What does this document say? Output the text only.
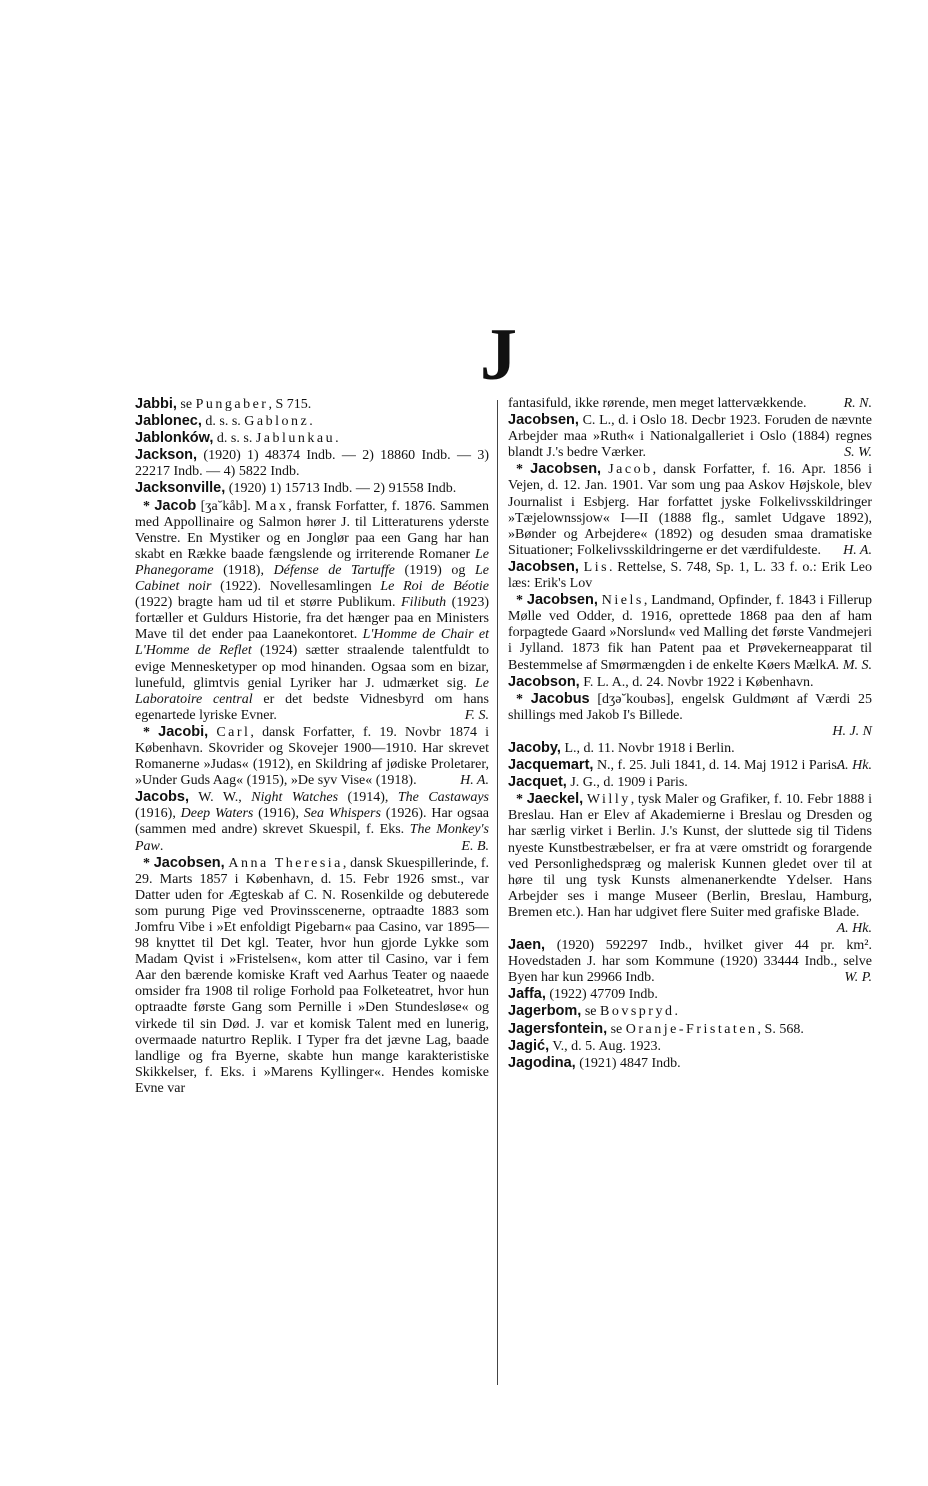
J

Jabbi, se Pungaber, S 715.

Jablonec, d. s. s. Gablonz.

Jablonków, d. s. s. Jablunkau.

Jackson, (1920) 1) 48374 Indb. — 2) 18860 Indb. — 3) 22217 Indb. — 4) 5822 Indb.

Jacksonville, (1920) 1) 15713 Indb. — 2) 91558 Indb.

* Jacob [ʒa˘kåb]. Max, fransk Forfatter, f. 1876. Sammen med Appollinaire og Salmon hører J. til Litteraturens yderste Venstre. En Mystiker og en Jonglør paa een Gang har han skabt en Række baade fængslende og irriterende Romaner Le Phanegorame (1918), Défense de Tartuffe (1919) og Le Cabinet noir (1922). Novellesamlingen Le Roi de Béotie (1922) bragte ham ud til et større Publikum. Filibuth (1923) fortæller et Guldurs Historie, fra det hænger paa en Ministers Mave til det ender paa Laanekontoret. L'Homme de Chair et L'Homme de Reflet (1924) sætter straalende talentfuldt to evige Mennesketyper op mod hinanden. Ogsaa som en bizar, lunefuld, glimtvis genial Lyriker har J. udmærket sig. Le Laboratoire central er det bedste Vidnesbyrd om hans egenartede lyriske Evner.	F. S.

* Jacobi, Carl, dansk Forfatter, f. 19. Novbr 1874 i København. Skovrider og Skovejer 1900—1910. Har skrevet Romanerne »Judas« (1912), en Skildring af jødiske Proletarer, »Under Guds Aag« (1915), »De syv Vise« (1918).	H. A.

Jacobs, W. W., Night Watches (1914), The Castaways (1916), Deep Waters (1916), Sea Whispers (1926). Har ogsaa (sammen med andre) skrevet Skuespil, f. Eks. The Monkey's Paw.	E. B.

* Jacobsen, Anna Theresia, dansk Skuespillerinde, f. 29. Marts 1857 i København, d. 15. Febr 1926 smst., var Datter uden for Ægteskab af C. N. Rosenkilde og debuterede som purung Pige ved Provinsscenerne, optraadte 1883 som Jomfru Vibe i »Et enfoldigt Pigebarn« paa Casino, var 1895—98 knyttet til Det kgl. Teater, hvor hun gjorde Lykke som Madam Qvist i »Fristelsen«, kom atter til Casino, var i fem Aar den bærende komiske Kraft ved Aarhus Teater og naaede omsider fra 1908 til rolige Forhold paa Folketeatret, hvor hun optraadte første Gang som Pernille i »Den Stundesløse« og virkede til sin Død. J. var et komisk Talent med en lunerig, overmaade naturtro Replik. I Typer fra det jævne Lag, baade landlige og fra Byerne, skabte hun mange karakteristiske Skikkelser, f. Eks. i »Marens Kyllinger«. Hendes komiske Evne var

fantasifuld, ikke rørende, men meget lattervækkende.	R. N.

Jacobsen, C. L., d. i Oslo 18. Decbr 1923. Foruden de nævnte Arbejder maa »Ruth« i Nationalgalleriet i Oslo (1884) regnes blandt J.'s bedre Værker.	S. W.

* Jacobsen, Jacob, dansk Forfatter, f. 16. Apr. 1856 i Vejen, d. 12. Jan. 1901. Var som ung paa Askov Højskole, blev Journalist i Esbjerg. Har forfattet jyske Folkelivsskildringer »Tæjelownssjow« I—II (1888 flg., samlet Udgave 1892), »Bønder og Arbejdere« (1892) og desuden smaa dramatiske Situationer; Folkelivsskildringerne er det værdifuldeste.	H. A.

Jacobsen, Lis. Rettelse, S. 748, Sp. 1, L. 33 f. o.: Erik Leo læs: Erik's Lov

* Jacobsen, Niels, Landmand, Opfinder, f. 1843 i Fillerup Mølle ved Odder, d. 1916, oprettede 1868 paa den af ham forpagtede Gaard »Norslund« ved Malling det første Vandmejeri i Jylland. 1873 fik han Patent paa et Prøvekerneapparat til Bestemmelse af Smørmængden i de enkelte Køers Mælk.

A. M. S.

Jacobson, F. L. A., d. 24. Novbr 1922 i København.

* Jacobus [dʒə˘koubəs], engelsk Guldmønt af Værdi 25 shillings med Jakob I's Billede.

H. J. N

Jacoby, L., d. 11. Novbr 1918 i Berlin.

Jacquemart, N., f. 25. Juli 1841, d. 14. Maj 1912 i Paris.

A. Hk.

Jacquet, J. G., d. 1909 i Paris.

* Jaeckel, Willy, tysk Maler og Grafiker, f. 10. Febr 1888 i Breslau. Han er Elev af Akademierne i Breslau og Dresden og har særlig virket i Berlin. J.'s Kunst, der sluttede sig til Tidens nyeste Kunstbestræbelser, er fra at være omstridt og forargende ved Personlighedspræg og malerisk Kunnen gledet over til at høre til ung tysk Kunsts almenanerkendte Ydelser. Hans Arbejder ses i mange Museer (Berlin, Breslau, Hamburg, Bremen etc.). Han har udgivet flere Suiter med grafiske Blade.

A. Hk.

Jaen, (1920) 592297 Indb., hvilket giver 44 pr. km². Hovedstaden J. har som Kommune (1920) 33444 Indb., selve Byen har kun 29966 Indb.	W. P.

Jaffa, (1922) 47709 Indb.

Jagerbom, se Bovspryd.

Jagersfontein, se Oranje-Fristaten, S. 568.

Jagić, V., d. 5. Aug. 1923.

Jagodina, (1921) 4847 Indb.
